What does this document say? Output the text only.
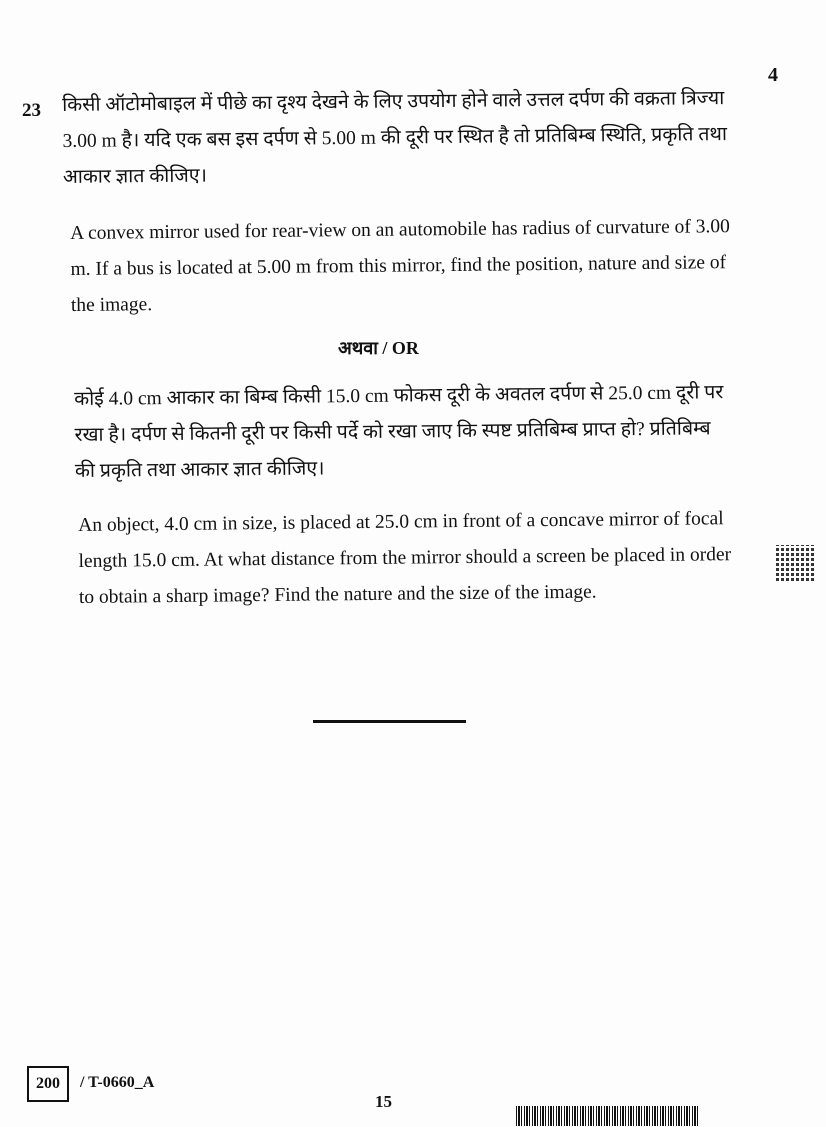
4
23 किसी ऑटोमोबाइल में पीछे का दृश्य देखने के लिए उपयोग होने वाले उत्तल दर्पण की वक्रता त्रिज्या 3.00 m है। यदि एक बस इस दर्पण से 5.00 m की दूरी पर स्थित है तो प्रतिबिम्ब स्थिति, प्रकृति तथा आकार ज्ञात कीजिए।
A convex mirror used for rear-view on an automobile has radius of curvature of 3.00 m. If a bus is located at 5.00 m from this mirror, find the position, nature and size of the image.
अथवा / OR
कोई 4.0 cm आकार का बिम्ब किसी 15.0 cm फोकस दूरी के अवतल दर्पण से 25.0 cm दूरी पर रखा है। दर्पण से कितनी दूरी पर किसी पर्दे को रखा जाए कि स्पष्ट प्रतिबिम्ब प्राप्त हो? प्रतिबिम्ब की प्रकृति तथा आकार ज्ञात कीजिए।
An object, 4.0 cm in size, is placed at 25.0 cm in front of a concave mirror of focal length 15.0 cm. At what distance from the mirror should a screen be placed in order to obtain a sharp image? Find the nature and the size of the image.
200	/ T-0660_A
15
